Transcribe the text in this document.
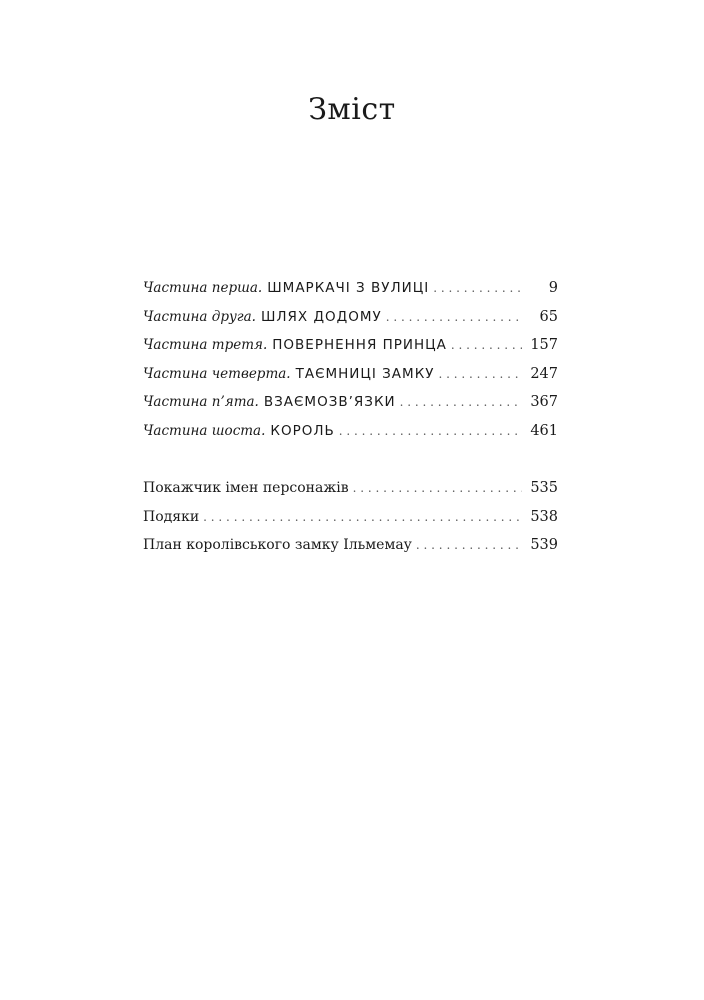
Зміст
Частина перша. ШМАРКАЧІ З ВУЛИЦІ . . .	9
Частина друга. ШЛЯХ ДОДОМУ . . .	65
Частина третя. ПОВЕРНЕННЯ ПРИНЦА . . .	157
Частина четверта. ТАЄМНИЦІ ЗАМКУ . . .	247
Частина п’ята. ВЗАЄМОЗВ’ЯЗКИ . . .	367
Частина шоста. КОРОЛЬ . . .	461
Покажчик імен персонажів . . .	535
Подяки . . .	538
План королівського замку Ільмемау . . .	539
